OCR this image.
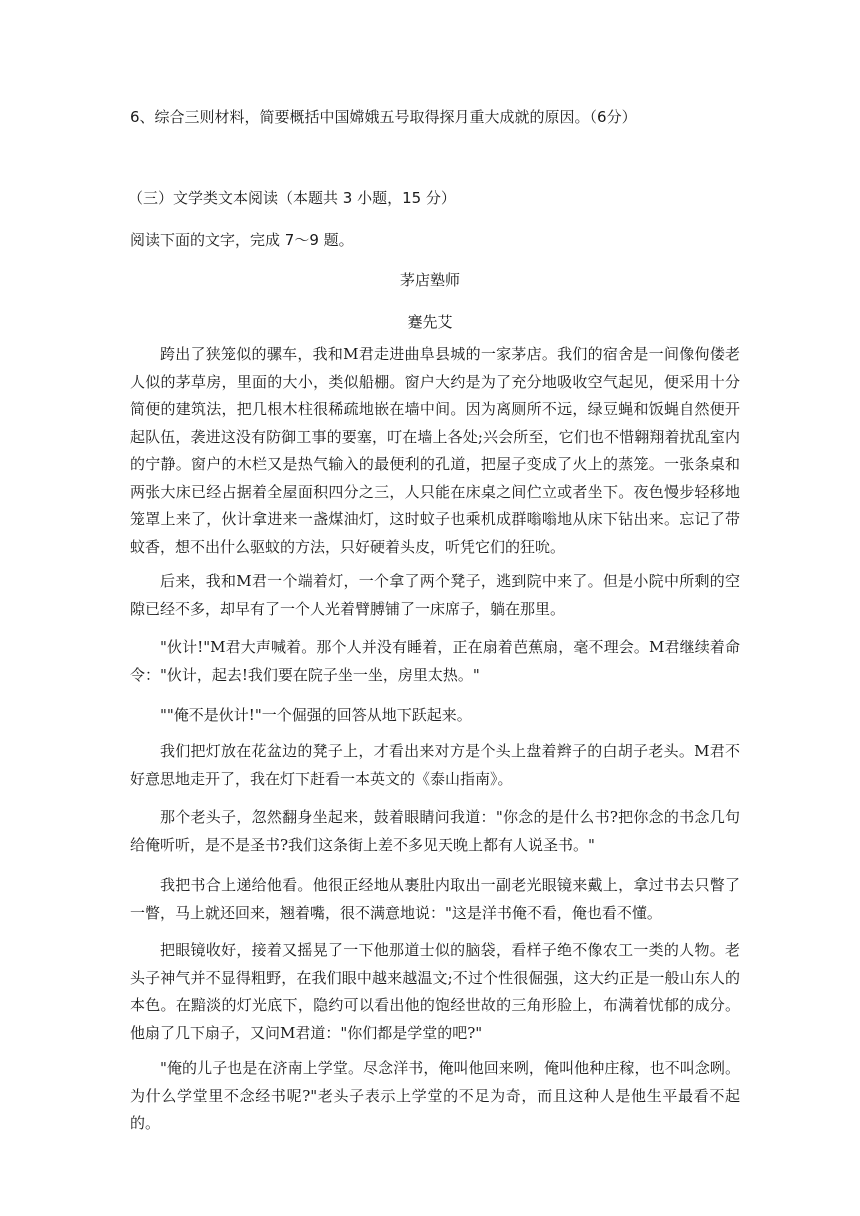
6、综合三则材料，简要概括中国嫦娥五号取得探月重大成就的原因。（6分）
（三）文学类文本阅读（本题共 3 小题，15 分）
阅读下面的文字，完成 7～9 题。
茅店塾师
蹇先艾

跨出了狭笼似的骡车，我和M君走进曲阜县城的一家茅店。我们的宿舍是一间像佝偻老人似的茅草房，里面的大小，类似船棚。窗户大约是为了充分地吸收空气起见，便采用十分简便的建筑法，把几根木柱很稀疏地嵌在墙中间。因为离厕所不远，绿豆蝇和饭蝇自然便开起队伍，袭进这没有防御工事的要塞，叮在墙上各处;兴会所至，它们也不惜翱翔着扰乱室内的宁静。窗户的木栏又是热气输入的最便利的孔道，把屋子变成了火上的蒸笼。一张条桌和两张大床已经占据着全屋面积四分之三，人只能在床桌之间伫立或者坐下。夜色慢步轻移地笼罩上来了，伙计拿进来一盏煤油灯，这时蚊子也乘机成群嗡嗡地从床下钻出来。忘记了带蚊香，想不出什么驱蚊的方法，只好硬着头皮，听凭它们的狂吮。

后来，我和M君一个端着灯，一个拿了两个凳子，逃到院中来了。但是小院中所剩的空隙已经不多，却早有了一个人光着臂膊铺了一床席子，躺在那里。

"伙计!"M君大声喊着。那个人并没有睡着，正在扇着芭蕉扇，毫不理会。M君继续着命令："伙计，起去!我们要在院子坐一坐，房里太热。"

""俺不是伙计!"一个倔强的回答从地下跃起来。

我们把灯放在花盆边的凳子上，才看出来对方是个头上盘着辫子的白胡子老头。M君不好意思地走开了，我在灯下赶看一本英文的《泰山指南》。

那个老头子，忽然翻身坐起来，鼓着眼睛问我道："你念的是什么书?把你念的书念几句给俺听听，是不是圣书?我们这条街上差不多见天晚上都有人说圣书。"

我把书合上递给他看。他很正经地从裹肚内取出一副老光眼镜来戴上，拿过书去只瞥了一瞥，马上就还回来，翘着嘴，很不满意地说："这是洋书俺不看，俺也看不懂。

把眼镜收好，接着又摇晃了一下他那道士似的脑袋，看样子绝不像农工一类的人物。老头子神气并不显得粗野，在我们眼中越来越温文;不过个性很倔强，这大约正是一般山东人的本色。在黯淡的灯光底下，隐约可以看出他的饱经世故的三角形脸上，布满着忧郁的成分。他扇了几下扇子，又问M君道："你们都是学堂的吧?"

"俺的儿子也是在济南上学堂。尽念洋书，俺叫他回来咧，俺叫他种庄稼，也不叫念咧。为什么学堂里不念经书呢?"老头子表示上学堂的不足为奇，而且这种人是他生平最看不起的。
